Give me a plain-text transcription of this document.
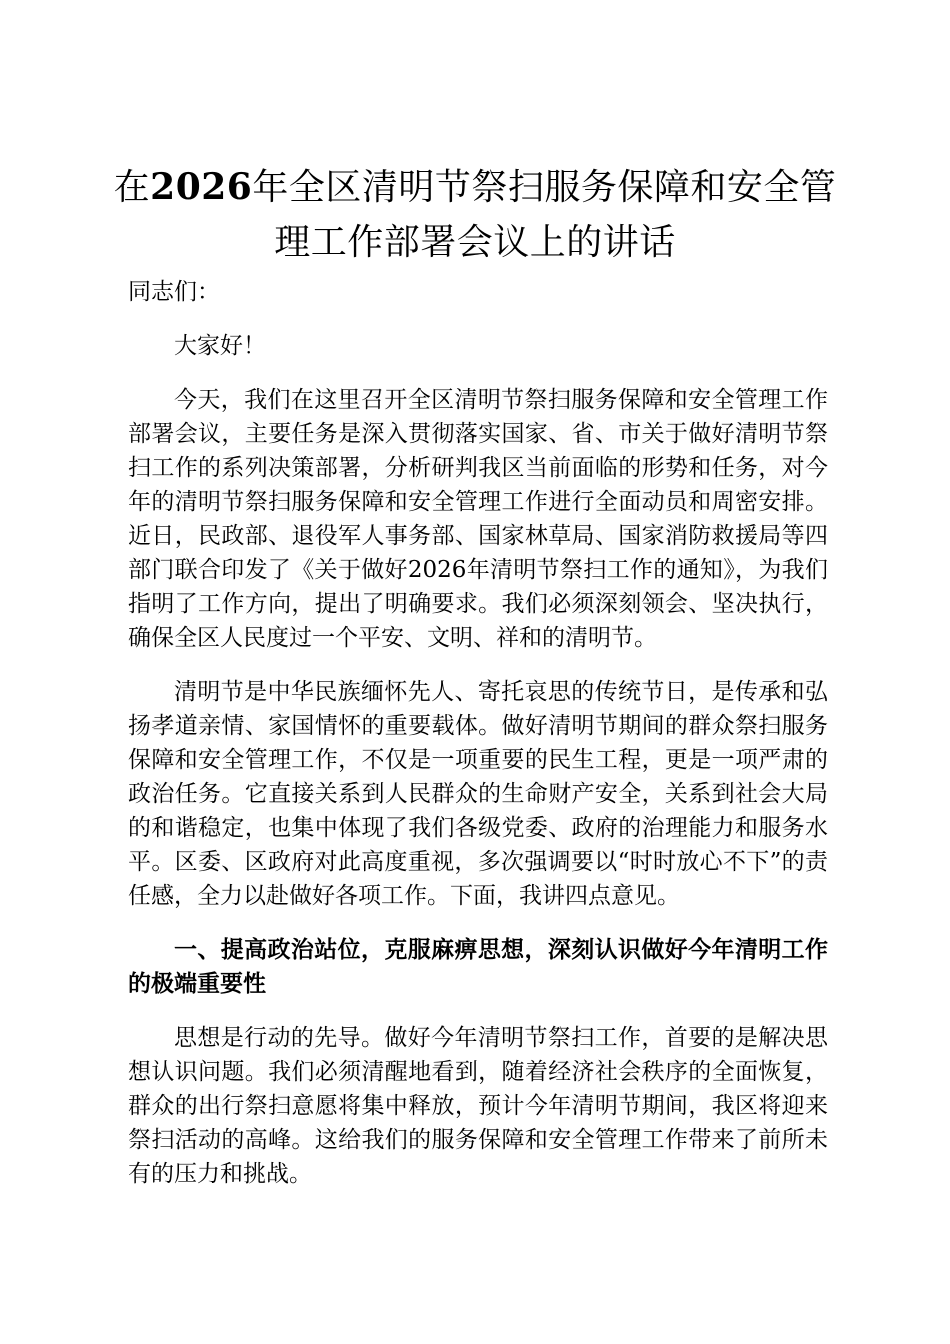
在2026年全区清明节祭扫服务保障和安全管
理工作部署会议上的讲话

同志们：

大家好！

今天，我们在这里召开全区清明节祭扫服务保障和安全管理工作部署会议，主要任务是深入贯彻落实国家、省、市关于做好清明节祭扫工作的系列决策部署，分析研判我区当前面临的形势和任务，对今年的清明节祭扫服务保障和安全管理工作进行全面动员和周密安排。近日，民政部、退役军人事务部、国家林草局、国家消防救援局等四部门联合印发了《关于做好2026年清明节祭扫工作的通知》，为我们指明了工作方向，提出了明确要求。我们必须深刻领会、坚决执行，确保全区人民度过一个平安、文明、祥和的清明节。

清明节是中华民族缅怀先人、寄托哀思的传统节日，是传承和弘扬孝道亲情、家国情怀的重要载体。做好清明节期间的群众祭扫服务保障和安全管理工作，不仅是一项重要的民生工程，更是一项严肃的政治任务。它直接关系到人民群众的生命财产安全，关系到社会大局的和谐稳定，也集中体现了我们各级党委、政府的治理能力和服务水平。区委、区政府对此高度重视，多次强调要以“时时放心不下”的责任感，全力以赴做好各项工作。下面，我讲四点意见。

一、提高政治站位，克服麻痹思想，深刻认识做好今年清明工作的极端重要性

思想是行动的先导。做好今年清明节祭扫工作，首要的是解决思想认识问题。我们必须清醒地看到，随着经济社会秩序的全面恢复，群众的出行祭扫意愿将集中释放，预计今年清明节期间，我区将迎来祭扫活动的高峰。这给我们的服务保障和安全管理工作带来了前所未有的压力和挑战。
